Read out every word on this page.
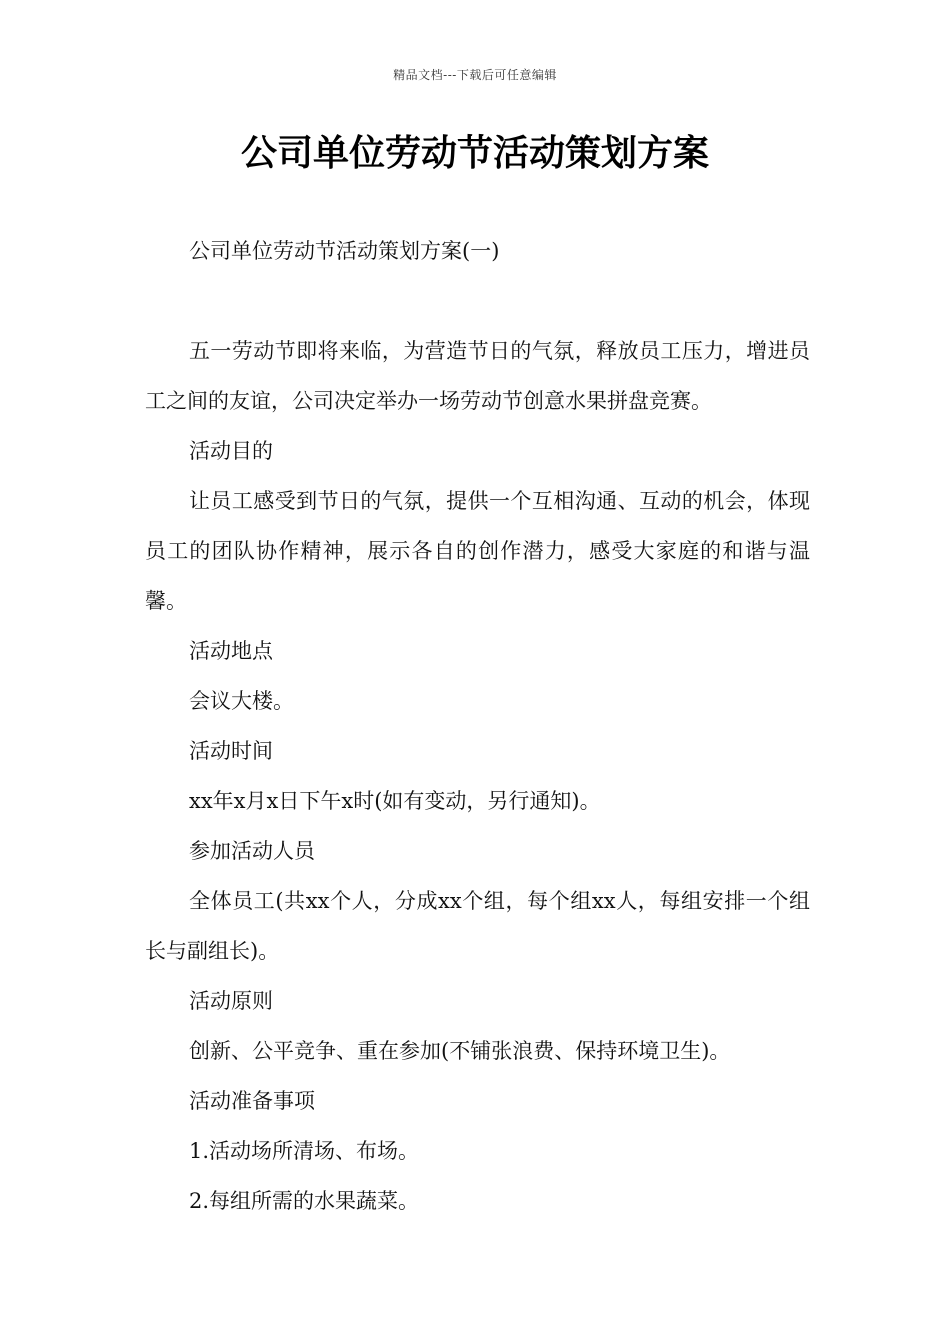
精品文档---下载后可任意编辑
公司单位劳动节活动策划方案

公司单位劳动节活动策划方案(一)

五一劳动节即将来临，为营造节日的气氛，释放员工压力，增进员工之间的友谊，公司决定举办一场劳动节创意水果拼盘竞赛。

活动目的

让员工感受到节日的气氛，提供一个互相沟通、互动的机会，体现员工的团队协作精神，展示各自的创作潜力，感受大家庭的和谐与温馨。

活动地点

会议大楼。

活动时间

xx年x月x日下午x时(如有变动，另行通知)。

参加活动人员

全体员工(共xx个人，分成xx个组，每个组xx人，每组安排一个组长与副组长)。

活动原则

创新、公平竞争、重在参加(不铺张浪费、保持环境卫生)。

活动准备事项

1.活动场所清场、布场。

2.每组所需的水果蔬菜。
